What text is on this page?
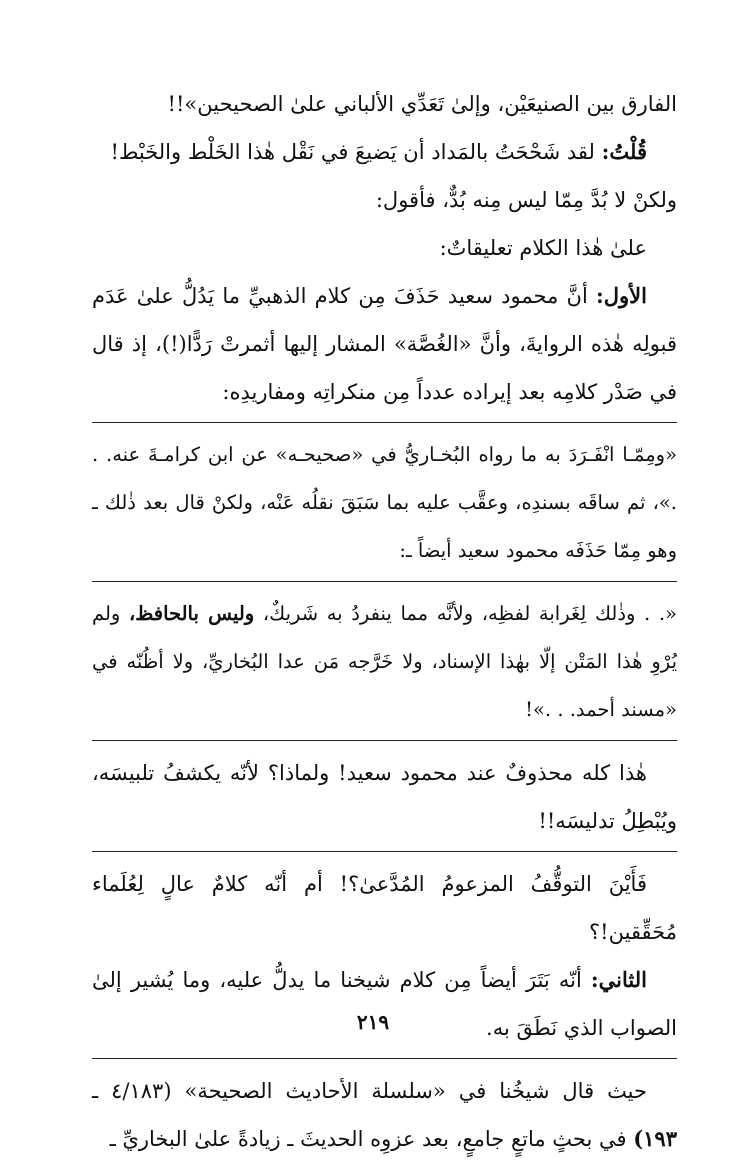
الفارق بين الصنيعَيْن، وإلىٰ تَعَدِّي الألباني علىٰ الصحيحين»!!

قُلْتُ: لقد شَحْحَتُ بالمَداد أن يَضيعَ في نَقْل هٰذا الخَلْط والخَبْط!

ولكنْ لا بُدَّ مِمّا ليس مِنه بُدٌّ، فأقول:

علىٰ هٰذا الكلام تعليقاتٌ:

الأول: أنَّ محمود سعيد حَذَفَ مِن كلام الذهبيِّ ما يَدُلُّ علىٰ عَدَم قبولِه هٰذه الروايةَ، وأنَّ «الغُصَّة» المشار إليها أثمرتْ رَدًّا(!)، إذ قال في صَدْر كلامِه بعد إيراده عدداً مِن منكراتِه ومفاريدِه:

«ومِمّـا انْفَـرَدَ به ما رواه البُخـاريُّ في «صحيحـه» عن ابن كرامـةَ عنه. . .»، ثم ساقَه بسندِه، وعقَّب عليه بما سَبَقَ نقلُه عَنْه، ولكنْ قال بعد ذٰلك ـ وهو مِمّا حَذَفَه محمود سعيد أيضاً ـ:

«. . وذٰلك لِغَرابة لفظِه، ولأنَّه مما ينفردُ به شَريكٌ، وليس بالحافظ، ولم يُرْوِ هٰذا المَتْن إلّا بهٰذا الإسناد، ولا خَرَّجه مَن عدا البُخاريِّ، ولا أظُنّه في «مسند أحمد. . .»!

هٰذا كله محذوفٌ عند محمود سعيد! ولماذا؟ لأنّه يكشفُ تلبيسَه، ويُبْطِلُ تدليسَه!!

فَأَيْنَ التوقُّفُ المزعومُ المُدَّعىٰ؟! أم أنّه كلامٌ عالٍ لِعُلَماء مُحَقِّقين!؟

الثاني: أنّه بَتَرَ أيضاً مِن كلام شيخنا ما يدلُّ عليه، وما يُشير إلىٰ الصواب الذي نَطَقَ به.

حيث قال شيخُنا في «سلسلة الأحاديث الصحيحة» (٤/١٨٣ ـ ١٩٣) في بحثٍ ماتعٍ جامعٍ، بعد عزوِه الحديثَ ـ زيادةً علىٰ البخاريِّ ـ

٢١٩
